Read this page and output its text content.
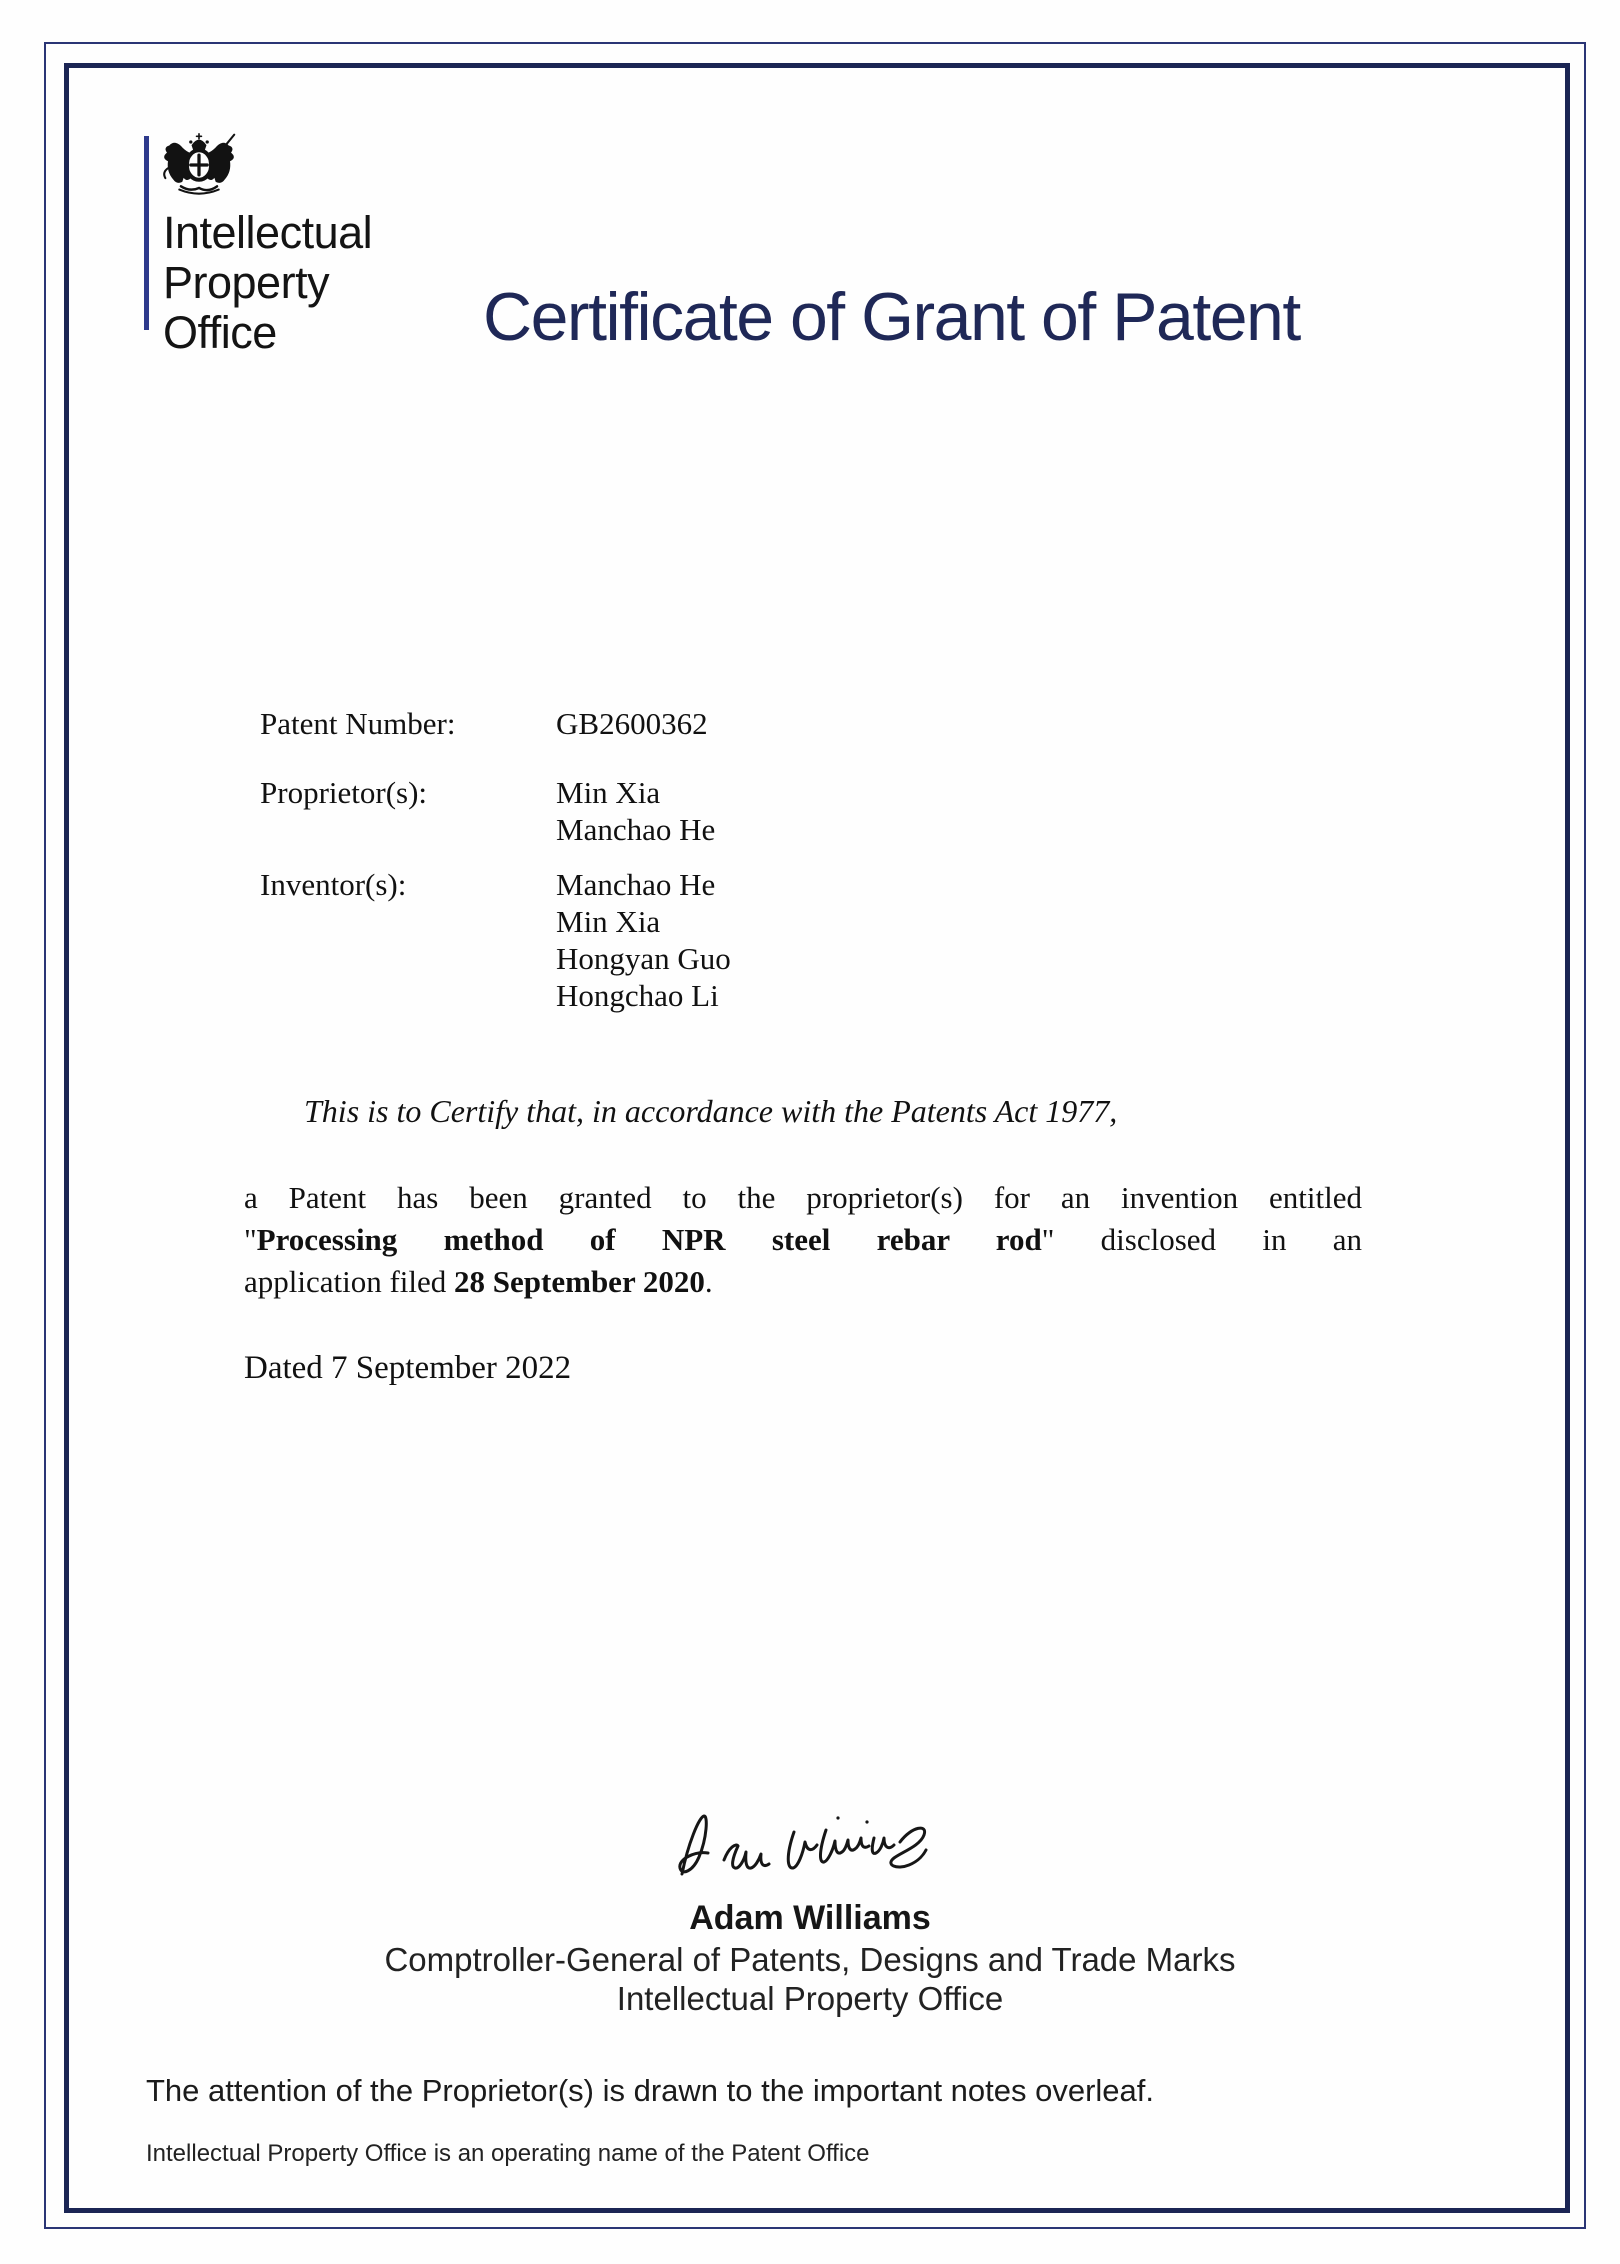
Intellectual
Property
Office	Certificate of Grant of Patent
Patent Number:	GB2600362
Proprietor(s):	Min Xia
Manchao He
Inventor(s):	Manchao He
Min Xia
Hongyan Guo
Hongchao Li
This is to Certify that, in accordance with the Patents Act 1977,
a Patent has been granted to the proprietor(s) for an invention entitled
"Processing method of NPR steel rebar rod" disclosed in an
application filed 28 September 2020.
Dated 7 September 2022
Adam Williams
Comptroller-General of Patents, Designs and Trade Marks
Intellectual Property Office
The attention of the Proprietor(s) is drawn to the important notes overleaf.
Intellectual Property Office is an operating name of the Patent Office
